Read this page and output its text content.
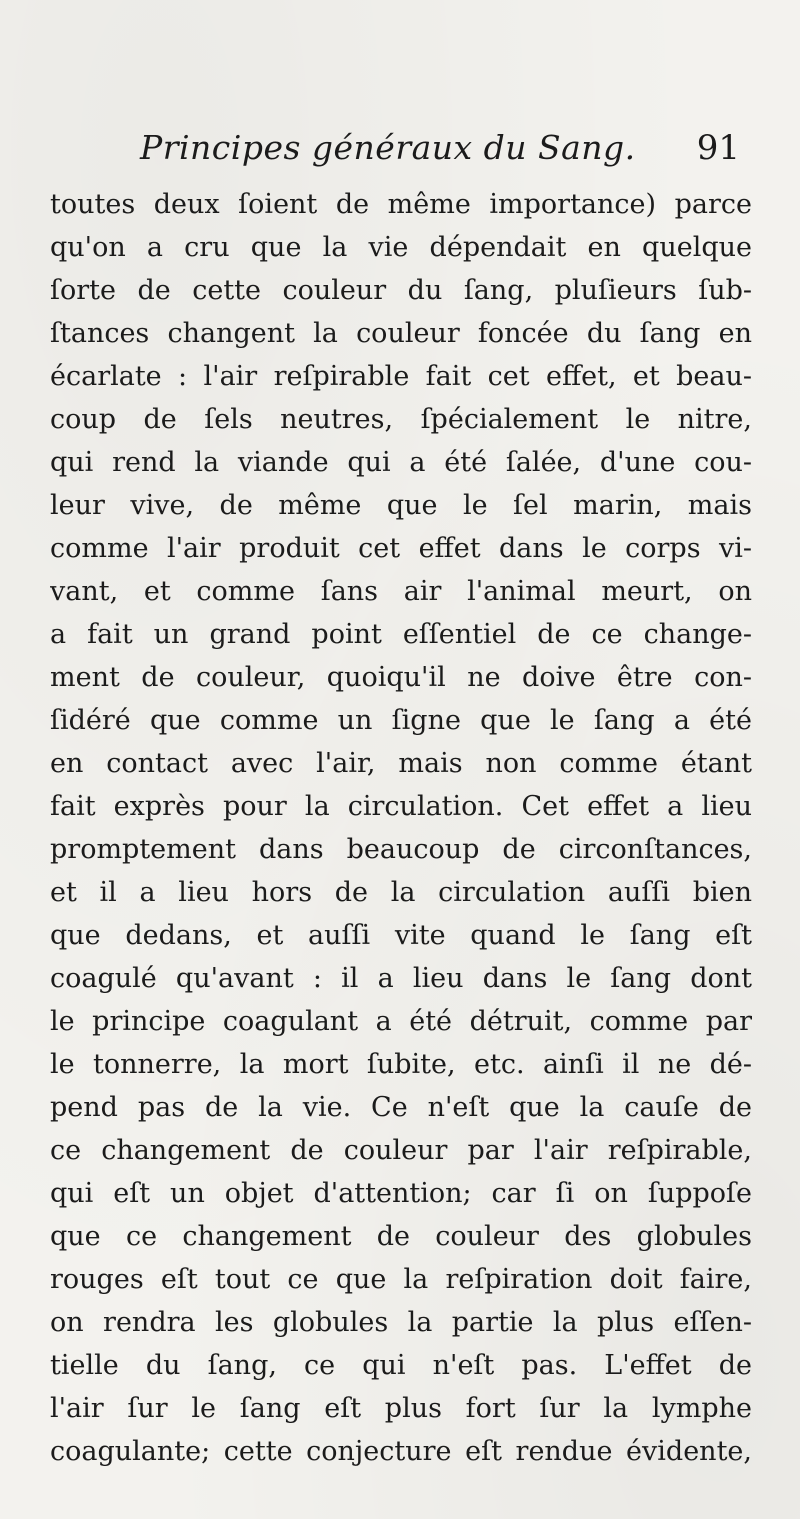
Principes généraux du Sang. 91
toutes deux ſoient de même importance) parce
qu'on a cru que la vie dépendait en quelque
ſorte de cette couleur du ſang, pluſieurs ſub-
ſtances changent la couleur foncée du ſang en
écarlate : l'air reſpirable fait cet effet, et beau-
coup de ſels neutres, ſpécialement le nitre,
qui rend la viande qui a été ſalée, d'une cou-
leur vive, de même que le ſel marin, mais
comme l'air produit cet effet dans le corps vi-
vant, et comme ſans air l'animal meurt, on
a fait un grand point eſſentiel de ce change-
ment de couleur, quoiqu'il ne doive être con-
ſidéré que comme un ſigne que le ſang a été
en contact avec l'air, mais non comme étant
fait exprès pour la circulation. Cet effet a lieu
promptement dans beaucoup de circonſtances,
et il a lieu hors de la circulation auſſi bien
que dedans, et auſſi vite quand le ſang eſt
coagulé qu'avant : il a lieu dans le ſang dont
le principe coagulant a été détruit, comme par
le tonnerre, la mort ſubite, etc. ainſi il ne dé-
pend pas de la vie. Ce n'eſt que la cauſe de
ce changement de couleur par l'air reſpirable,
qui eſt un objet d'attention; car ſi on ſuppoſe
que ce changement de couleur des globules
rouges eſt tout ce que la reſpiration doit faire,
on rendra les globules la partie la plus eſſen-
tielle du ſang, ce qui n'eſt pas. L'effet de
l'air ſur le ſang eſt plus fort ſur la lymphe
coagulante; cette conjecture eſt rendue évidente,
